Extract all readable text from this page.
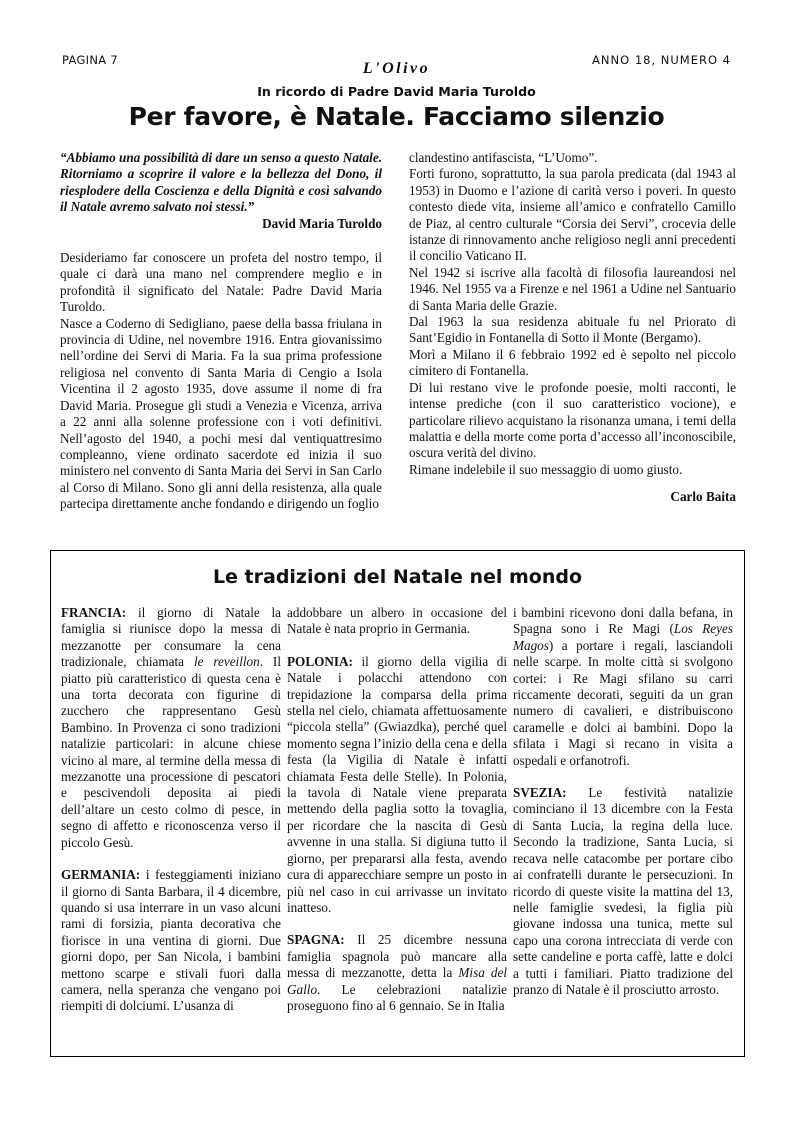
PAGINA 7	L'Olivo	ANNO 18, NUMERO 4
In ricordo di Padre David Maria Turoldo
Per favore, è Natale. Facciamo silenzio

“Abbiamo una possibilità di dare un senso a questo Natale. Ritorniamo a scoprire il valore e la bellezza del Dono, il riesplodere della Coscienza e della Dignità e così salvando il Natale avremo salvato noi stessi.”

David Maria Turoldo

Desideriamo far conoscere un profeta del nostro tempo, il quale ci darà una mano nel comprendere meglio e in profondità il significato del Natale: Padre David Maria Turoldo.

Nasce a Coderno di Sedigliano, paese della bassa friulana in provincia di Udine, nel novembre 1916. Entra giovanissimo nell’ordine dei Servi di Maria. Fa la sua prima professione religiosa nel convento di Santa Maria di Cengio a Isola Vicentina il 2 agosto 1935, dove assume il nome di fra David Maria. Prosegue gli studi a Venezia e Vicenza, arriva a 22 anni alla solenne professione con i voti definitivi. Nell’agosto del 1940, a pochi mesi dal ventiquattresimo compleanno, viene ordinato sacerdote ed inizia il suo ministero nel convento di Santa Maria dei Servi in San Carlo al Corso di Milano. Sono gli anni della resistenza, alla quale partecipa direttamente anche fondando e dirigendo un foglio

clandestino antifascista, “L’Uomo”.

Forti furono, soprattutto, la sua parola predicata (dal 1943 al 1953) in Duomo e l’azione di carità verso i poveri. In questo contesto diede vita, insieme all’amico e confratello Camillo de Piaz, al centro culturale “Corsia dei Servi”, crocevia delle istanze di rinnovamento anche religioso negli anni precedenti il concilio Vaticano II.

Nel 1942 si iscrive alla facoltà di filosofia laureandosi nel 1946. Nel 1955 va a Firenze e nel 1961 a Udine nel Santuario di Santa Maria delle Grazie.

Dal 1963 la sua residenza abituale fu nel Priorato di Sant’Egidio in Fontanella di Sotto il Monte (Bergamo).

Morì a Milano il 6 febbraio 1992 ed è sepolto nel piccolo cimitero di Fontanella.

Di lui restano vive le profonde poesie, molti racconti, le intense prediche (con il suo caratteristico vocione), e particolare rilievo acquistano la risonanza umana, i temi della malattia e della morte come porta d’accesso all’inconoscibile, oscura verità del divino.

Rimane indelebile il suo messaggio di uomo giusto.

Carlo Baita
Le tradizioni del Natale nel mondo

FRANCIA: il giorno di Natale la famiglia si riunisce dopo la messa di mezzanotte per consumare la cena tradizionale, chiamata le reveillon. Il piatto più caratteristico di questa cena è una torta decorata con figurine di zucchero che rappresentano Gesù Bambino. In Provenza ci sono tradizioni natalizie particolari: in alcune chiese vicino al mare, al termine della messa di mezzanotte una processione di pescatori e pescivendoli deposita ai piedi dell’altare un cesto colmo di pesce, in segno di affetto e riconoscenza verso il piccolo Gesù.

GERMANIA: i festeggiamenti iniziano il giorno di Santa Barbara, il 4 dicembre, quando si usa interrare in un vaso alcuni rami di forsizia, pianta decorativa che fiorisce in una ventina di giorni. Due giorni dopo, per San Nicola, i bambini mettono scarpe e stivali fuori dalla camera, nella speranza che vengano poi riempiti di dolciumi. L’usanza di

addobbare un albero in occasione del Natale è nata proprio in Germania.

POLONIA: il giorno della vigilia di Natale i polacchi attendono con trepidazione la comparsa della prima stella nel cielo, chiamata affettuosamente “piccola stella” (Gwiazdka), perché quel momento segna l’inizio della cena e della festa (la Vigilia di Natale è infatti chiamata Festa delle Stelle). In Polonia, la tavola di Natale viene preparata mettendo della paglia sotto la tovaglia, per ricordare che la nascita di Gesù avvenne in una stalla. Si digiuna tutto il giorno, per prepararsi alla festa, avendo cura di apparecchiare sempre un posto in più nel caso in cui arrivasse un invitato inatteso.

SPAGNA: Il 25 dicembre nessuna famiglia spagnola può mancare alla messa di mezzanotte, detta la Misa del Gallo. Le celebrazioni natalizie proseguono fino al 6 gennaio. Se in Italia

i bambini ricevono doni dalla befana, in Spagna sono i Re Magi (Los Reyes Magos) a portare i regali, lasciandoli nelle scarpe. In molte città si svolgono cortei: i Re Magi sfilano su carri riccamente decorati, seguiti da un gran numero di cavalieri, e distribuiscono caramelle e dolci ai bambini. Dopo la sfilata i Magi si recano in visita a ospedali e orfanotrofi.

SVEZIA: Le festività natalizie cominciano il 13 dicembre con la Festa di Santa Lucia, la regina della luce. Secondo la tradizione, Santa Lucia, si recava nelle catacombe per portare cibo ai confratelli durante le persecuzioni. In ricordo di queste visite la mattina del 13, nelle famiglie svedesi, la figlia più giovane indossa una tunica, mette sul capo una corona intrecciata di verde con sette candeline e porta caffè, latte e dolci a tutti i familiari. Piatto tradizione del pranzo di Natale è il prosciutto arrosto.
